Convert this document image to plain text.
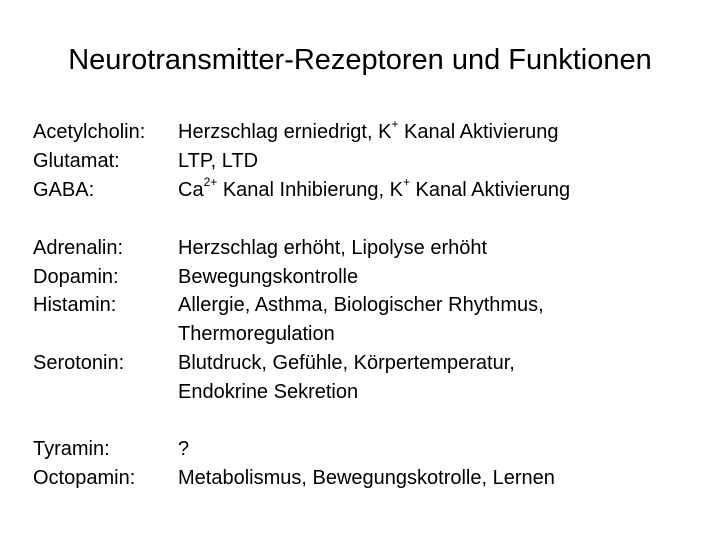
Neurotransmitter-Rezeptoren und Funktionen
Acetylcholin: Herzschlag erniedrigt, K+ Kanal Aktivierung
Glutamat:	LTP, LTD
GABA:	$Ca^{2+}$ Kanal Inhibierung, K+ Kanal Aktivierung
Adrenalin:	Herzschlag erhöht, Lipolyse erhöht
Dopamin:	Bewegungskontrolle
Histamin:	Allergie, Asthma, Biologischer Rhythmus,
Thermoregulation
Serotonin:	Blutdruck, Gefühle, Körpertemperatur,
Endokrine Sekretion
Tyramin:	?
Octopamin: Metabolismus, Bewegungskotrolle, Lernen
